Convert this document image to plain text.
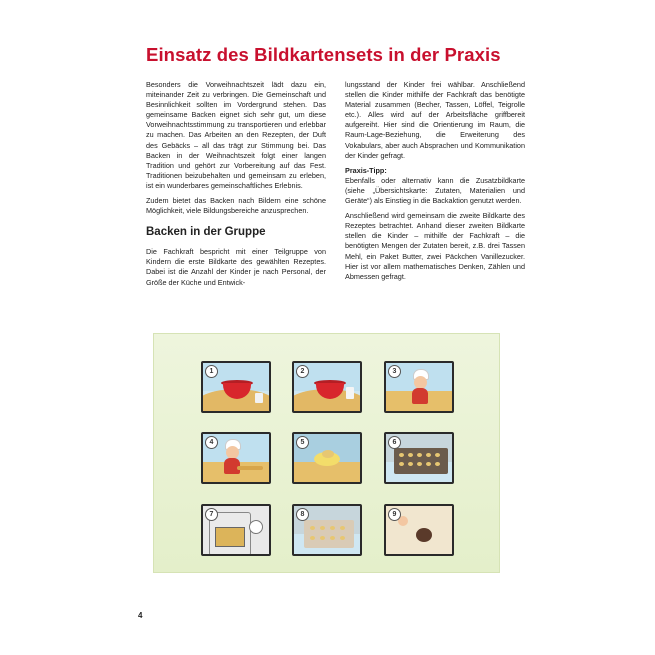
Einsatz des Bildkartensets in der Praxis

Besonders die Vorweihnachtszeit lädt dazu ein, miteinander Zeit zu verbringen. Die Gemeinschaft und Besinnlichkeit sollten im Vordergrund stehen. Das gemeinsame Backen eignet sich sehr gut, um diese Vorweihnachtsstimmung zu transportieren und erlebbar zu machen. Das Arbeiten an den Rezepten, der Duft des Gebäcks – all das trägt zur Stimmung bei. Das Backen in der Weihnachtszeit folgt einer langen Tradition und gehört zur Vorbereitung auf das Fest. Traditionen beizubehalten und gemeinsam zu erleben, ist ein wunderbares gemeinschaftliches Erlebnis.

Zudem bietet das Backen nach Bildern eine schöne Möglichkeit, viele Bildungsbereiche anzusprechen.

Backen in der Gruppe

Die Fachkraft bespricht mit einer Teilgruppe von Kindern die erste Bildkarte des gewählten Rezeptes. Dabei ist die Anzahl der Kinder je nach Personal, der Größe der Küche und Entwick-

lungsstand der Kinder frei wählbar. Anschließend stellen die Kinder mithilfe der Fachkraft das benötigte Material zusammen (Becher, Tassen, Löffel, Teigrolle etc.). Alles wird auf der Arbeitsfläche griffbereit aufgereiht. Hier sind die Orientierung im Raum, die Raum-Lage-Beziehung, die Erweiterung des Vokabulars, aber auch Absprachen und Kommunikation der Kinder gefragt.

Praxis-Tipp:

Ebenfalls oder alternativ kann die Zusatzbildkarte (siehe „Übersichtskarte: Zutaten, Materialien und Geräte“) als Einstieg in die Backaktion genutzt werden.

Anschließend wird gemeinsam die zweite Bildkarte des Rezeptes betrachtet. Anhand dieser zweiten Bildkarte stellen die Kinder – mithilfe der Fachkraft – die benötigten Mengen der Zutaten bereit, z.B. drei Tassen Mehl, ein Paket Butter, zwei Päckchen Vanillezucker. Hier ist vor allem mathematisches Denken, Zählen und Abmessen gefragt.

1	2	3
4	5	6
7	8	9
4
